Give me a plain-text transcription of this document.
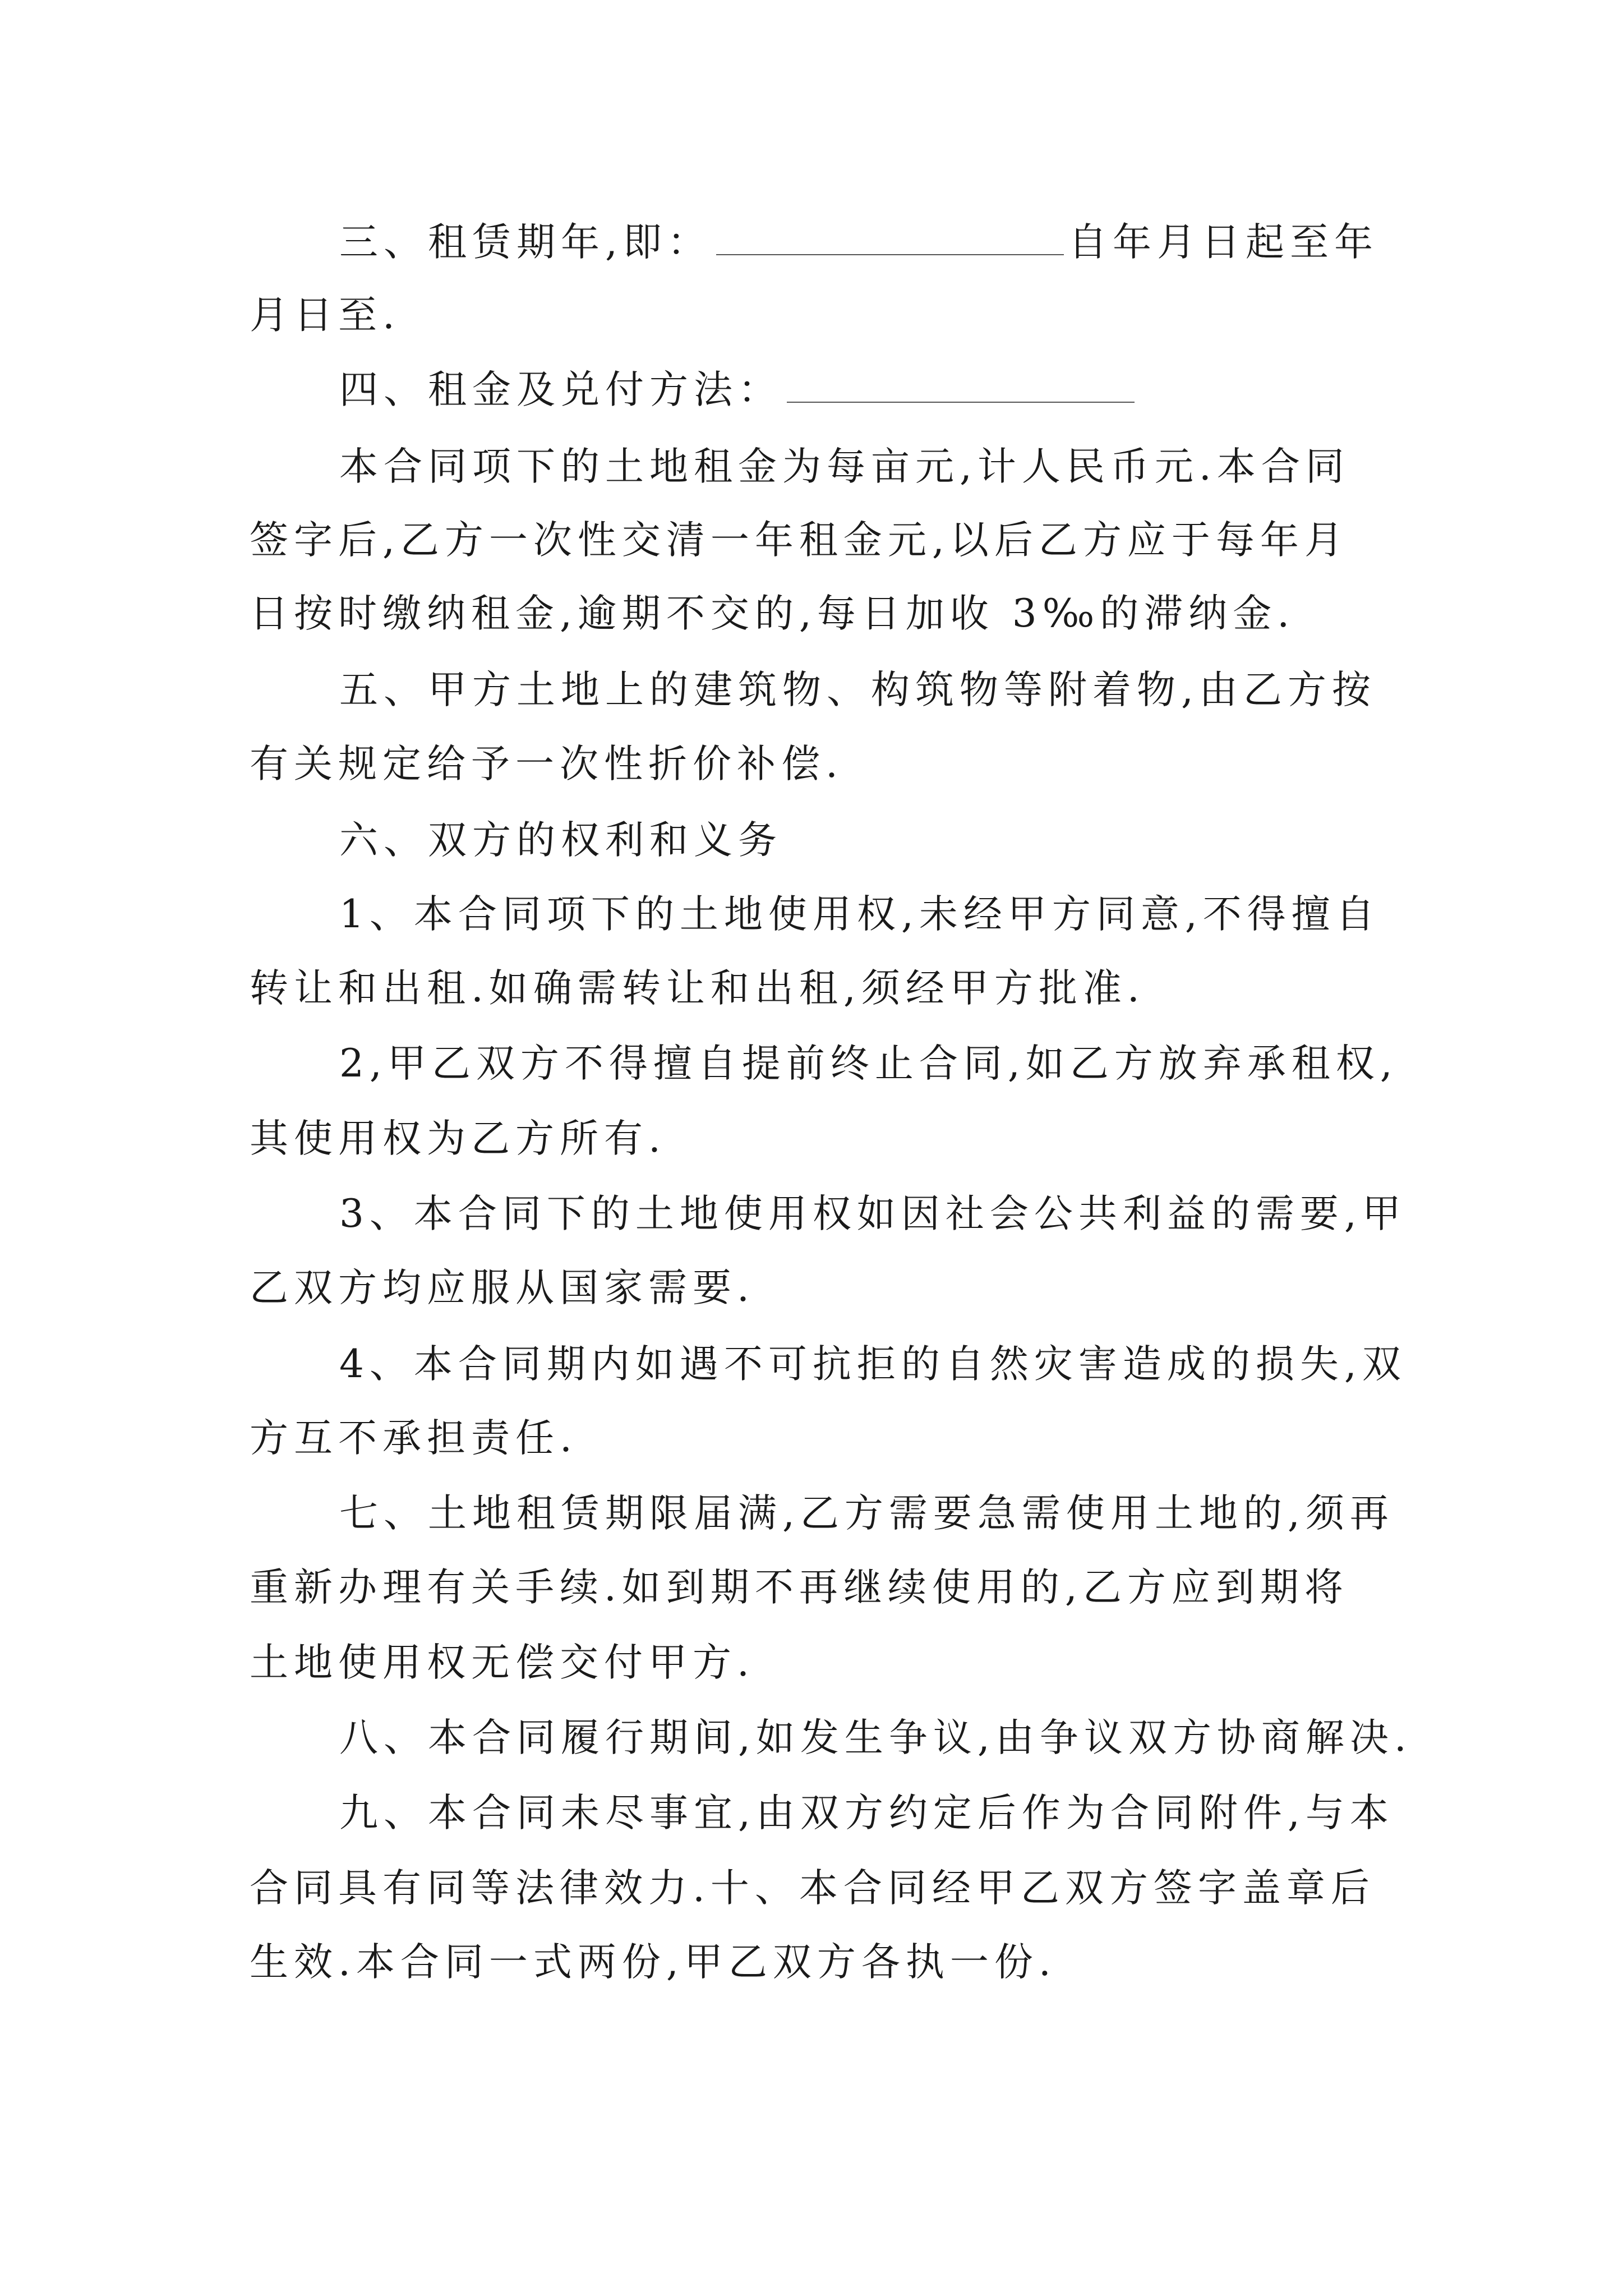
三、租赁期年,即：	自年月日起至年
月日至.
四、租金及兑付方法：
本合同项下的土地租金为每亩元,计人民币元.本合同
签字后,乙方一次性交清一年租金元,以后乙方应于每年月
日按时缴纳租金,逾期不交的,每日加收 3‰的滞纳金.
五、甲方土地上的建筑物、构筑物等附着物,由乙方按
有关规定给予一次性折价补偿.
六、双方的权利和义务
1、本合同项下的土地使用权,未经甲方同意,不得擅自
转让和出租.如确需转让和出租,须经甲方批准.
2,甲乙双方不得擅自提前终止合同,如乙方放弃承租权,
其使用权为乙方所有.
3、本合同下的土地使用权如因社会公共利益的需要,甲
乙双方均应服从国家需要.
4、本合同期内如遇不可抗拒的自然灾害造成的损失,双
方互不承担责任.
七、土地租赁期限届满,乙方需要急需使用土地的,须再
重新办理有关手续.如到期不再继续使用的,乙方应到期将
土地使用权无偿交付甲方.
八、本合同履行期间,如发生争议,由争议双方协商解决.
九、本合同未尽事宜,由双方约定后作为合同附件,与本
合同具有同等法律效力.十、本合同经甲乙双方签字盖章后
生效.本合同一式两份,甲乙双方各执一份.
